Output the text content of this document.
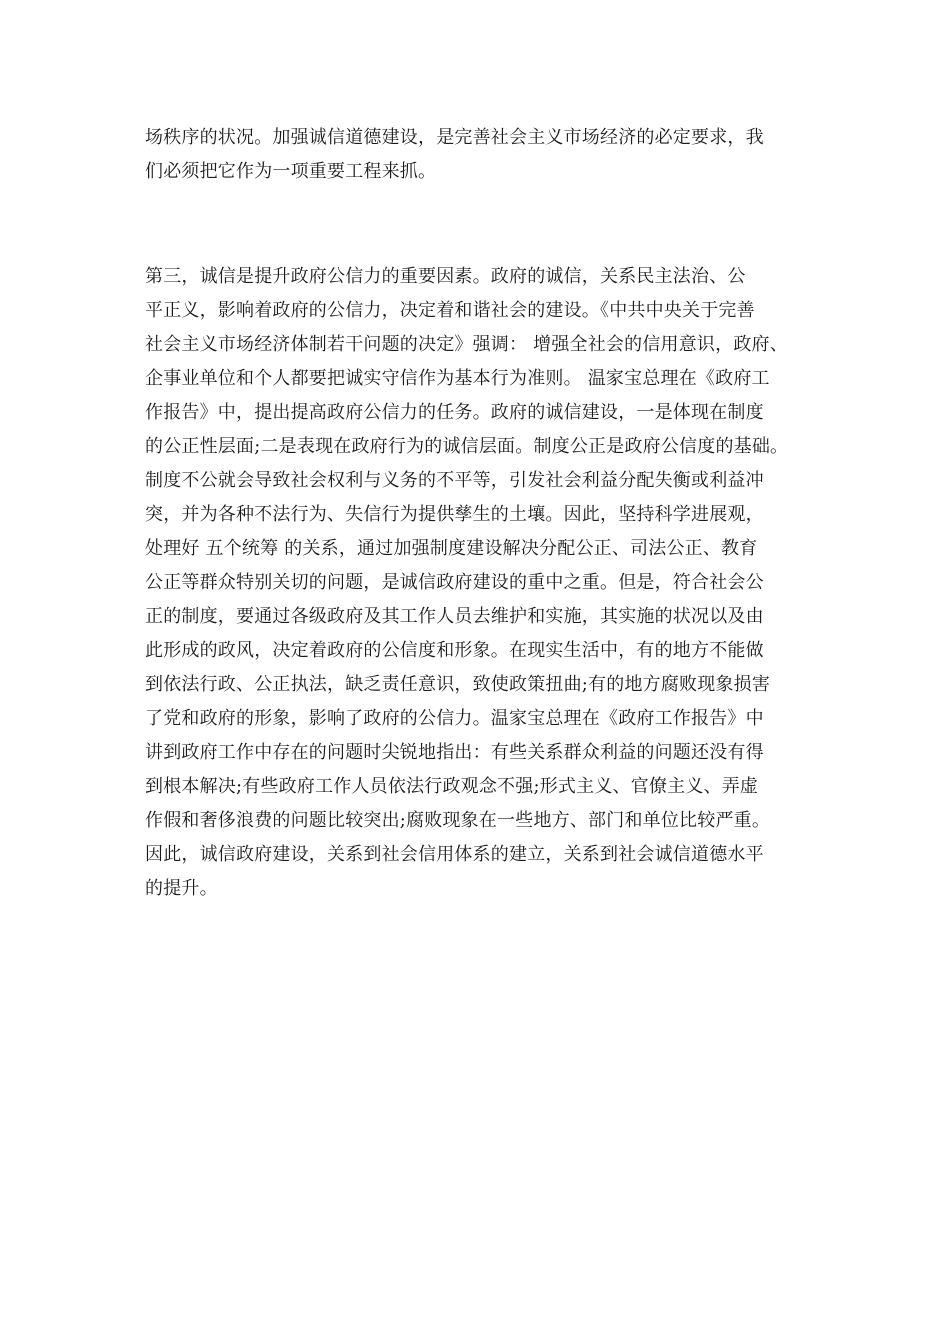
场秩序的状况。加强诚信道德建设，是完善社会主义市场经济的必定要求，我
们必须把它作为一项重要工程来抓。
第三，诚信是提升政府公信力的重要因素。政府的诚信，关系民主法治、公
平正义，影响着政府的公信力，决定着和谐社会的建设。《中共中央关于完善
社会主义市场经济体制若干问题的决定》强调： 增强全社会的信用意识，政府、
企事业单位和个人都要把诚实守信作为基本行为准则。 温家宝总理在《政府工
作报告》中，提出提高政府公信力的任务。政府的诚信建设，一是体现在制度
的公正性层面;二是表现在政府行为的诚信层面。制度公正是政府公信度的基础。
制度不公就会导致社会权利与义务的不平等，引发社会利益分配失衡或利益冲
突，并为各种不法行为、失信行为提供孳生的土壤。因此，坚持科学进展观，
处理好 五个统筹 的关系，通过加强制度建设解决分配公正、司法公正、教育
公正等群众特别关切的问题，是诚信政府建设的重中之重。但是，符合社会公
正的制度，要通过各级政府及其工作人员去维护和实施，其实施的状况以及由
此形成的政风，决定着政府的公信度和形象。在现实生活中，有的地方不能做
到依法行政、公正执法，缺乏责任意识，致使政策扭曲;有的地方腐败现象损害
了党和政府的形象，影响了政府的公信力。温家宝总理在《政府工作报告》中
讲到政府工作中存在的问题时尖锐地指出：有些关系群众利益的问题还没有得
到根本解决;有些政府工作人员依法行政观念不强;形式主义、官僚主义、弄虚
作假和奢侈浪费的问题比较突出;腐败现象在一些地方、部门和单位比较严重。
因此，诚信政府建设，关系到社会信用体系的建立，关系到社会诚信道德水平
的提升。
